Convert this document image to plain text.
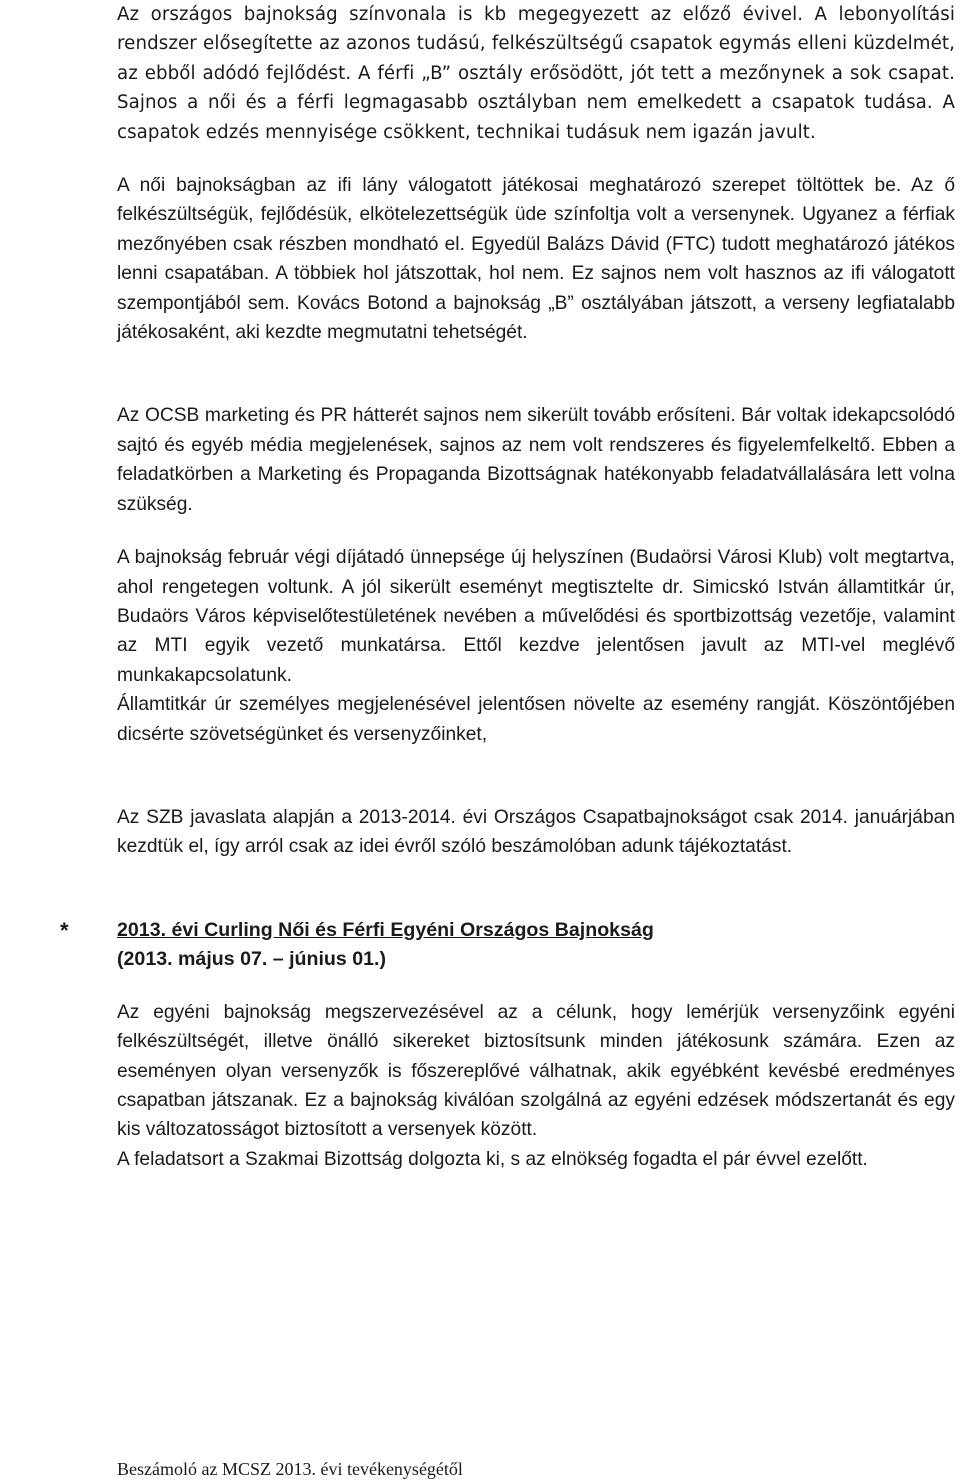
Az országos bajnokság színvonala is kb megegyezett az előző évivel. A lebonyolítási rendszer elősegítette az azonos tudású, felkészültségű csapatok egymás elleni küzdelmét, az ebből adódó fejlődést. A férfi „B” osztály erősödött, jót tett a mezőnynek a sok csapat. Sajnos a női és a férfi legmagasabb osztályban nem emelkedett a csapatok tudása. A csapatok edzés mennyisége csökkent, technikai tudásuk nem igazán javult.

A női bajnokságban az ifi lány válogatott játékosai meghatározó szerepet töltöttek be. Az ő felkészültségük, fejlődésük, elkötelezettségük üde színfoltja volt a versenynek. Ugyanez a férfiak mezőnyében csak részben mondható el. Egyedül Balázs Dávid (FTC) tudott meghatározó játékos lenni csapatában. A többiek hol játszottak, hol nem. Ez sajnos nem volt hasznos az ifi válogatott szempontjából sem. Kovács Botond a bajnokság „B” osztályában játszott, a verseny legfiatalabb játékosaként, aki kezdte megmutatni tehetségét.

Az OCSB marketing és PR hátterét sajnos nem sikerült tovább erősíteni. Bár voltak idekapcsolódó sajtó és egyéb média megjelenések, sajnos az nem volt rendszeres és figyelemfelkeltő. Ebben a feladatkörben a Marketing és Propaganda Bizottságnak hatékonyabb feladatvállalására lett volna szükség.

A bajnokság február végi díjátadó ünnepsége új helyszínen (Budaörsi Városi Klub) volt megtartva, ahol rengetegen voltunk. A jól sikerült eseményt megtisztelte dr. Simicskó István államtitkár úr, Budaörs Város képviselőtestületének nevében a művelődési és sportbizottság vezetője, valamint az MTI egyik vezető munkatársa. Ettől kezdve jelentősen javult az MTI-vel meglévő munkakapcsolatunk.

Államtitkár úr személyes megjelenésével jelentősen növelte az esemény rangját. Köszöntőjében dicsérte szövetségünket és versenyzőinket,

Az SZB javaslata alapján a 2013-2014. évi Országos Csapatbajnokságot csak 2014. januárjában kezdtük el, így arról csak az idei évről szóló beszámolóban adunk tájékoztatást.

* 2013. évi Curling Női és Férfi Egyéni Országos Bajnokság

(2013. május 07. – június 01.)

Az egyéni bajnokság megszervezésével az a célunk, hogy lemérjük versenyzőink egyéni felkészültségét, illetve önálló sikereket biztosítsunk minden játékosunk számára. Ezen az eseményen olyan versenyzők is főszereplővé válhatnak, akik egyébként kevésbé eredményes csapatban játszanak. Ez a bajnokság kiválóan szolgálná az egyéni edzések módszertanát és egy kis változatosságot biztosított a versenyek között.

A feladatsort a Szakmai Bizottság dolgozta ki, s az elnökség fogadta el pár évvel ezelőtt.

Beszámoló az MCSZ 2013. évi tevékenységétől
